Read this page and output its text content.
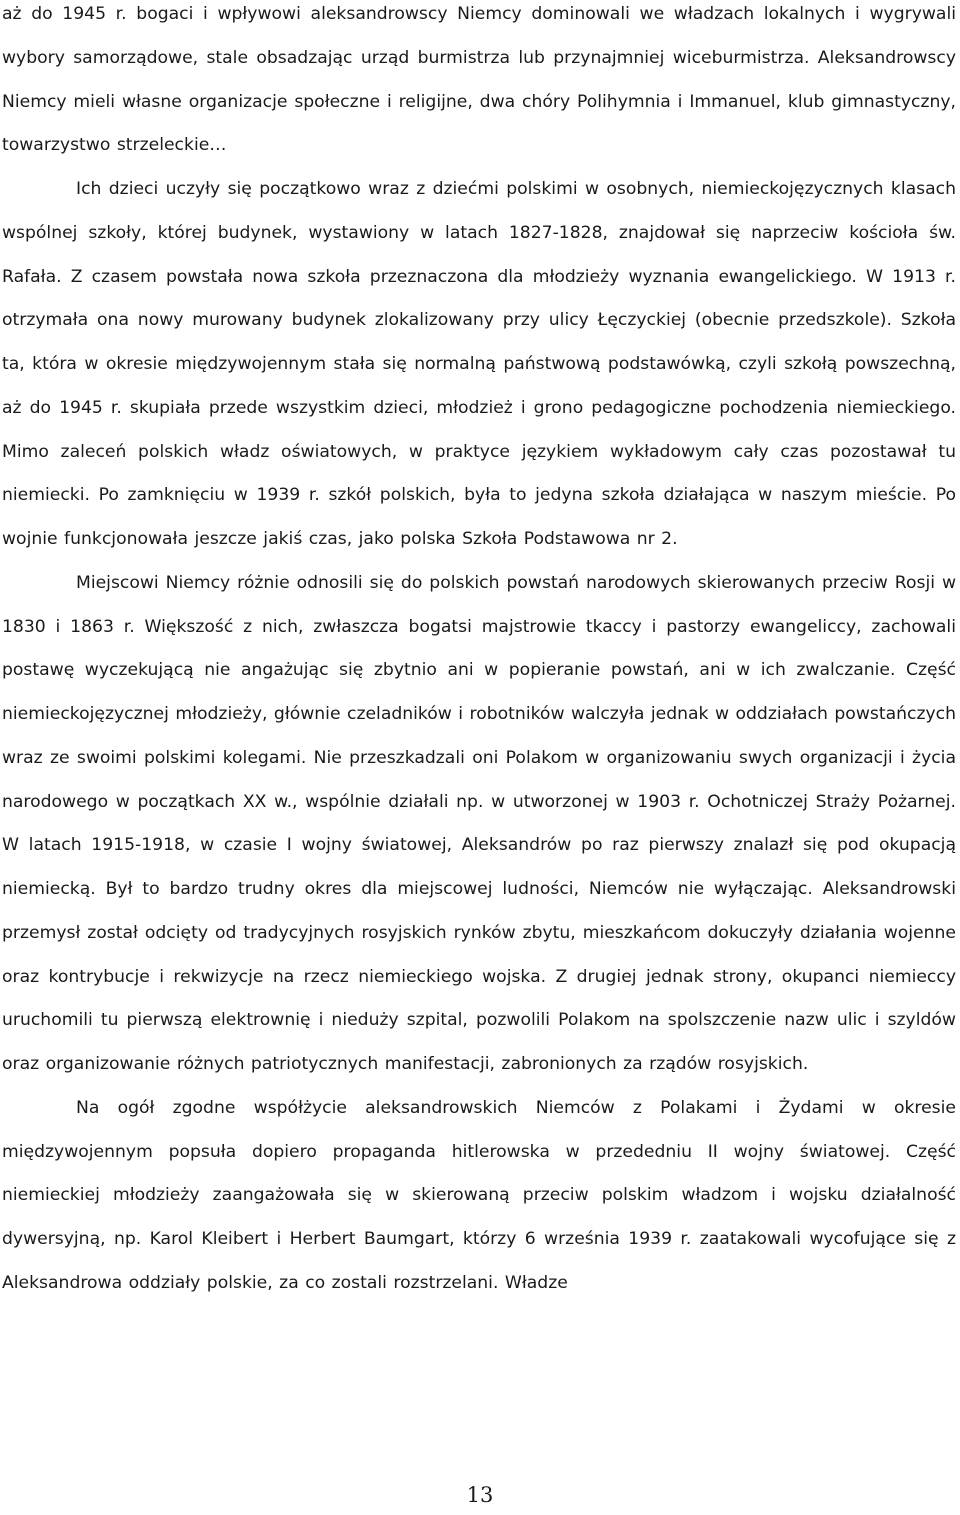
aż do 1945 r. bogaci i wpływowi aleksandrowscy Niemcy dominowali we władzach lokalnych i wygrywali wybory samorządowe, stale obsadzając urząd burmistrza lub przynajmniej wiceburmistrza. Aleksandrowscy Niemcy mieli własne organizacje społeczne i religijne, dwa chóry Polihymnia i Immanuel, klub gimnastyczny, towarzystwo strzeleckie…

Ich dzieci uczyły się początkowo wraz z dziećmi polskimi w osobnych, niemieckojęzycznych klasach wspólnej szkoły, której budynek, wystawiony w latach 1827-1828, znajdował się naprzeciw kościoła św. Rafała. Z czasem powstała nowa szkoła przeznaczona dla młodzieży wyznania ewangelickiego. W 1913 r. otrzymała ona nowy murowany budynek zlokalizowany przy ulicy Łęczyckiej (obecnie przedszkole). Szkoła ta, która w okresie międzywojennym stała się normalną państwową podstawówką, czyli szkołą powszechną, aż do 1945 r. skupiała przede wszystkim dzieci, młodzież i grono pedagogiczne pochodzenia niemieckiego. Mimo zaleceń polskich władz oświatowych, w praktyce językiem wykładowym cały czas pozostawał tu niemiecki. Po zamknięciu w 1939 r. szkół polskich, była to jedyna szkoła działająca w naszym mieście. Po wojnie funkcjonowała jeszcze jakiś czas, jako polska Szkoła Podstawowa nr 2.

Miejscowi Niemcy różnie odnosili się do polskich powstań narodowych skierowanych przeciw Rosji w 1830 i 1863 r. Większość z nich, zwłaszcza bogatsi majstrowie tkaccy i pastorzy ewangeliccy, zachowali postawę wyczekującą nie angażując się zbytnio ani w popieranie powstań, ani w ich zwalczanie. Część niemieckojęzycznej młodzieży, głównie czeladników i robotników walczyła jednak w oddziałach powstańczych wraz ze swoimi polskimi kolegami. Nie przeszkadzali oni Polakom w organizowaniu swych organizacji i życia narodowego w początkach XX w., wspólnie działali np. w utworzonej w 1903 r. Ochotniczej Straży Pożarnej. W latach 1915-1918, w czasie I wojny światowej, Aleksandrów po raz pierwszy znalazł się pod okupacją niemiecką. Był to bardzo trudny okres dla miejscowej ludności, Niemców nie wyłączając. Aleksandrowski przemysł został odcięty od tradycyjnych rosyjskich rynków zbytu, mieszkańcom dokuczyły działania wojenne oraz kontrybucje i rekwizycje na rzecz niemieckiego wojska. Z drugiej jednak strony, okupanci niemieccy uruchomili tu pierwszą elektrownię i nieduży szpital, pozwolili Polakom na spolszczenie nazw ulic i szyldów oraz organizowanie różnych patriotycznych manifestacji, zabronionych za rządów rosyjskich.

Na ogół zgodne współżycie aleksandrowskich Niemców z Polakami i Żydami w okresie międzywojennym popsuła dopiero propaganda hitlerowska w przededniu II wojny światowej. Część niemieckiej młodzieży zaangażowała się w skierowaną przeciw polskim władzom i wojsku działalność dywersyjną, np. Karol Kleibert i Herbert Baumgart, którzy 6 września 1939 r. zaatakowali wycofujące się z Aleksandrowa oddziały polskie, za co zostali rozstrzelani. Władze

13
